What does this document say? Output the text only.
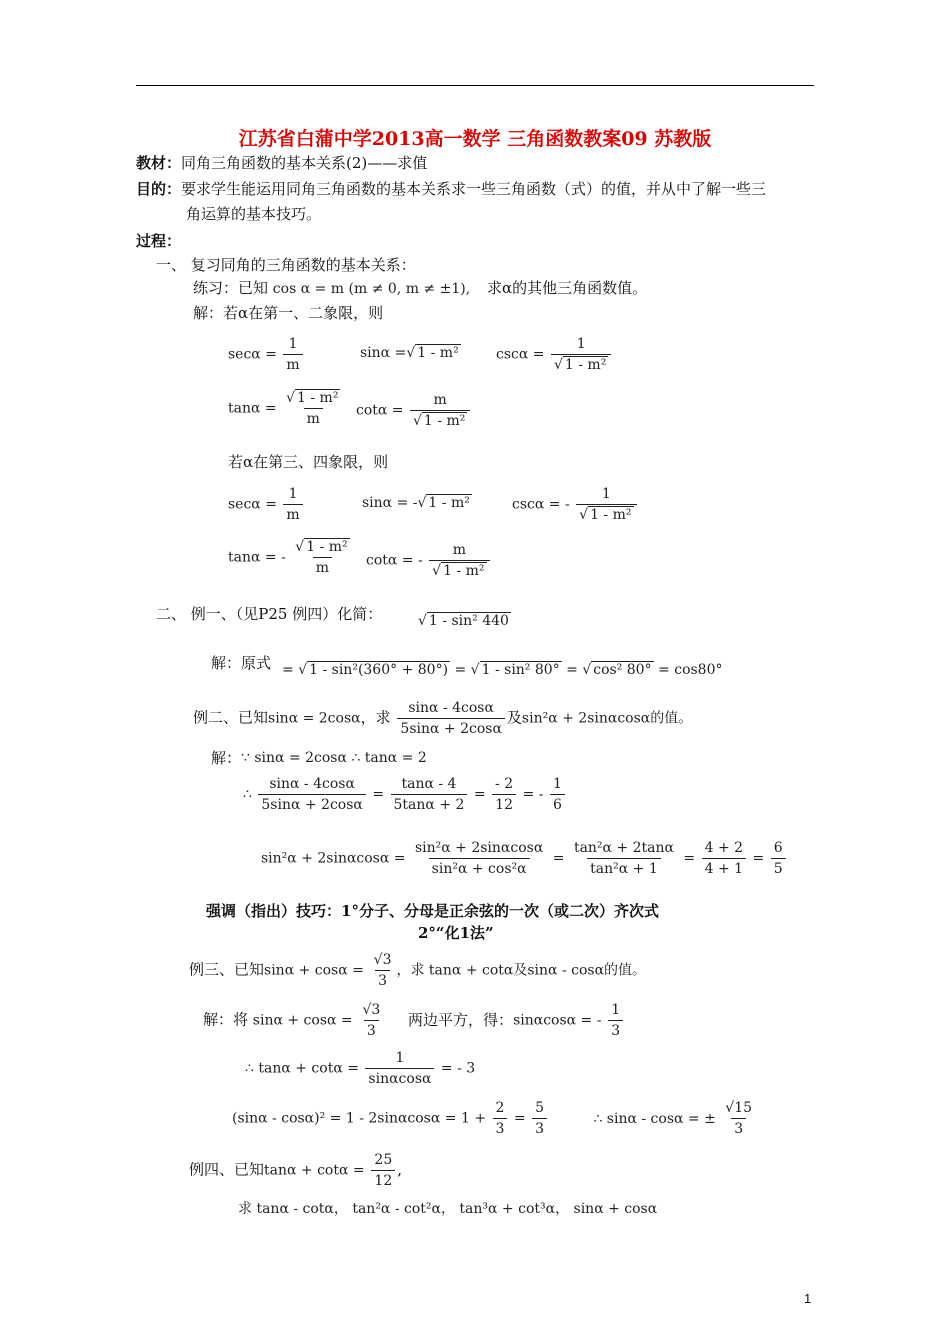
江苏省白蒲中学2013高一数学 三角函数教案09 苏教版
教材：同角三角函数的基本关系(2)——求值
目的：要求学生能运用同角三角函数的基本关系求一些三角函数（式）的值，并从中了解一些三
角运算的基本技巧。
过程：
一、 复习同角的三角函数的基本关系：
练习：已知 cos α = m (m ≠ 0, m ≠ ±1), 求α的其他三角函数值。
解：若α在第一、二象限，则
$\sec\alpha = \frac{1}{m}$	sinα = √ 1 - m²	cscα = 1
√ 1 - m²
tanα = √ $\frac{\text{1 - m²}}{m}$ cotα = m
√ 1 - m²
若α在第三、四象限，则
$\sec\alpha = \frac{1}{m}$	sinα = - √ 1 - m²	cscα = - 1
√ 1 - m²
tanα = - √ $\frac{\text{1 - m²}}{m}$ cotα = - m
√ 1 - m²
二、 例一、（见P25 例四）化简： √	1 - sin² 440
解：原式 = √ 1 - sin²(360° + 80°) = √ 1 - sin² 80° = √ cos² 80° = cos80°
例二、已知sinα = 2cosα，求 $\frac{\sin\alpha - 4\cos\alpha}{5\sin\alpha + 2\cos\alpha}$ 及sin²α + 2sinαcosα的值。
解： ∵ sinα = 2cosα ∴ tanα = 2
∴ $\frac{\sin\alpha - 4\cos\alpha}{5\sin\alpha + 2\cos\alpha} = \frac{\tan\alpha - 4}{5\tan\alpha + 2} = \frac{- 2}{12}$ = - $\frac{1}{6}$
$\sin^2\alpha + 2\sin\alpha\cos\alpha = \frac{\text{sin²α + 2sinαcosα}}{\text{sin²α + cos²α}} = \frac{\text{tan²α + 2tanα}}{\text{tan²α + 1}} = \frac{4 + 2}{4 + 1} = \frac{6}{5}$
强调（指出）技巧：1°分子、分母是正余弦的一次（或二次）齐次式
2°“化1法”
例三、已知$\sin\alpha + \cos\alpha = \frac{√3}{3}$ ，求 tanα + cotα及sinα - cosα的值。
解：将 $\sin\alpha + \cos\alpha = \frac{√3}{3}$ 两边平方，得：sinαcosα = - $\frac{1}{3}$
∴ $\tan\alpha + \cot\alpha = \frac{1}{\sin\alpha\cos\alpha}$ = - 3
$(\sin\alpha - \cos\alpha)^2 = 1 - 2\sin\alpha\cos\alpha = 1 + \frac{2}{3} = \frac{5}{3}$	∴ sinα - cosα = ± $\frac{√15}{3}$
例四、已知$\tan\alpha + \cot\alpha = \frac{25}{12}$ ,
求 tanα - cotα， tan²α - cot²α， tan³α + cot³α， sinα + cosα
1
